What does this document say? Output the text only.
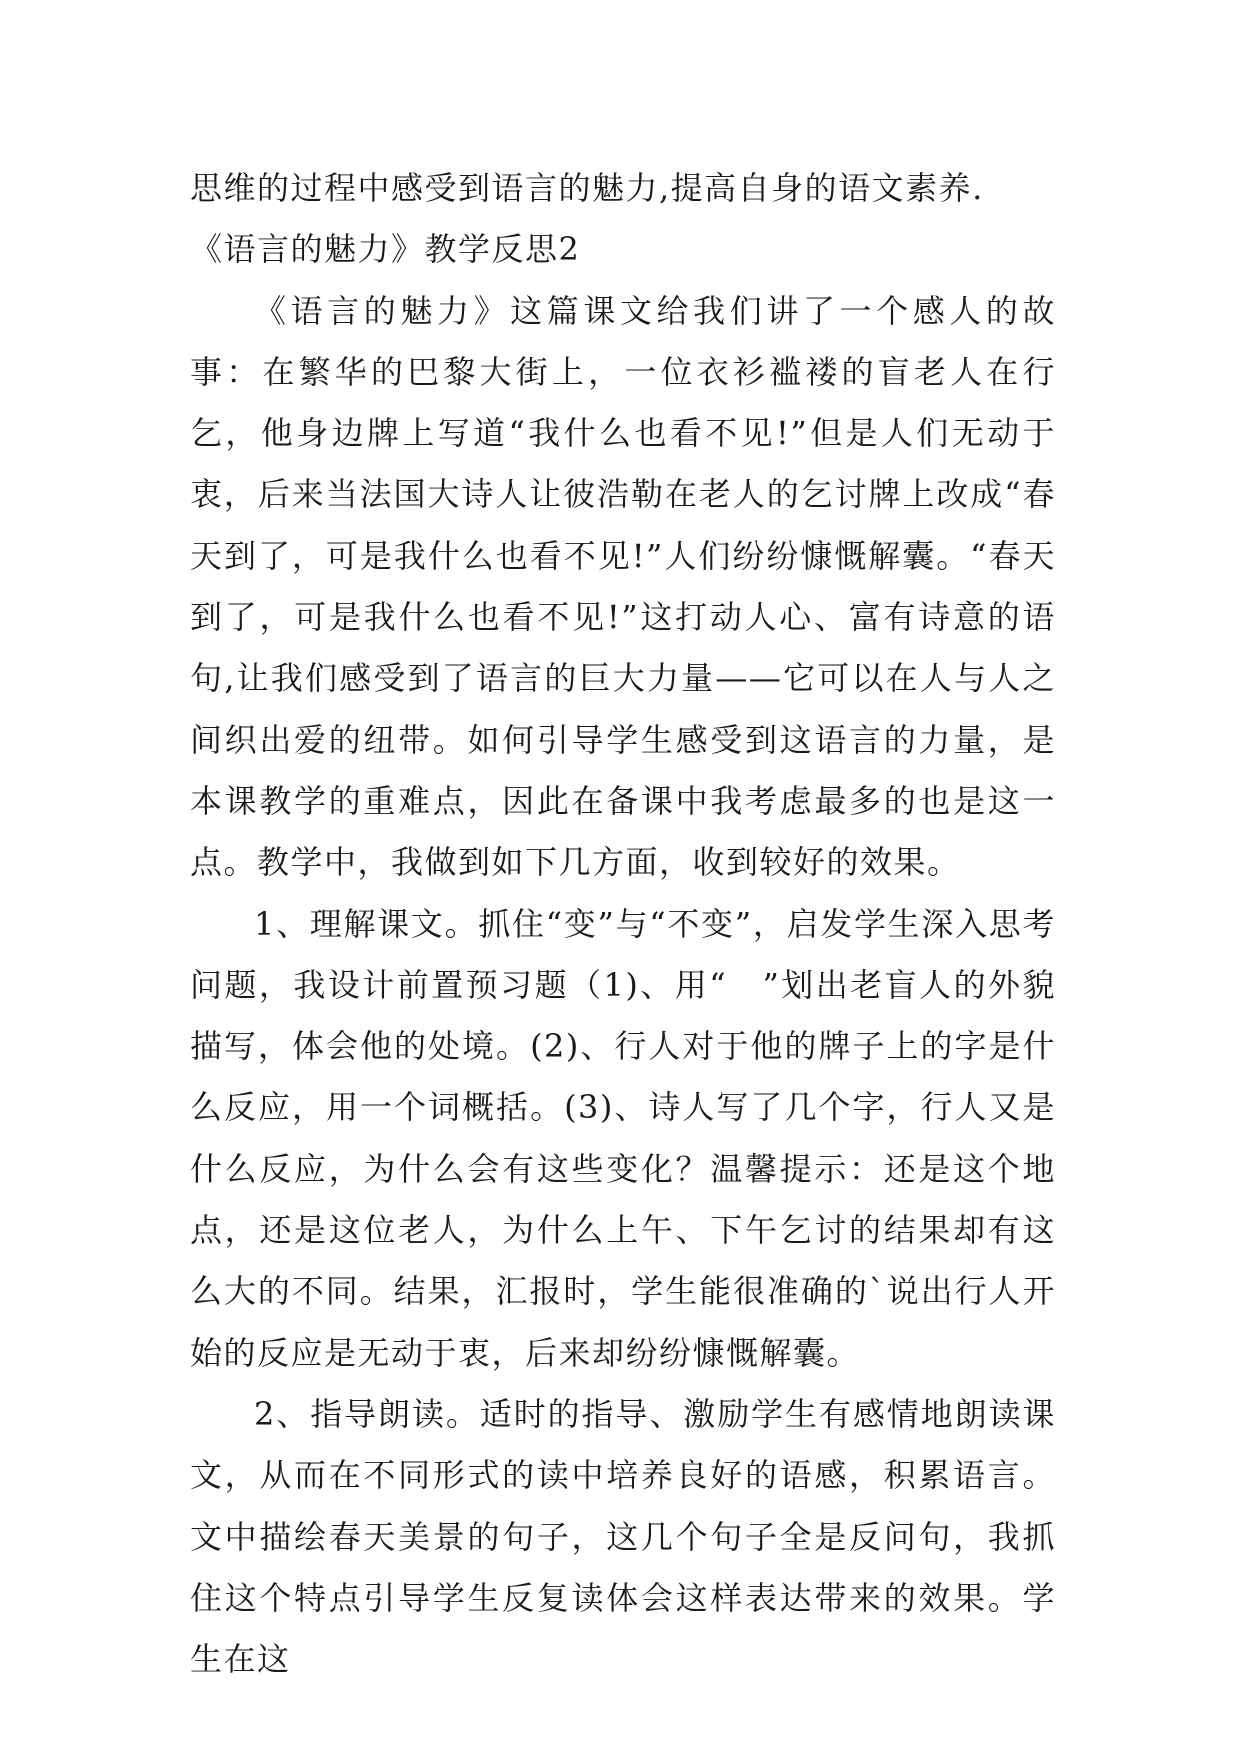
思维的过程中感受到语言的魅力,提高自身的语文素养.

《语言的魅力》教学反思2

《语言的魅力》这篇课文给我们讲了一个感人的故事：在繁华的巴黎大街上，一位衣衫褴褛的盲老人在行乞，他身边牌上写道“我什么也看不见!”但是人们无动于衷，后来当法国大诗人让彼浩勒在老人的乞讨牌上改成“春天到了，可是我什么也看不见!”人们纷纷慷慨解囊。“春天到了，可是我什么也看不见!”这打动人心、富有诗意的语句,让我们感受到了语言的巨大力量——它可以在人与人之间织出爱的纽带。如何引导学生感受到这语言的力量，是本课教学的重难点，因此在备课中我考虑最多的也是这一点。教学中，我做到如下几方面，收到较好的效果。

1、理解课文。抓住“变”与“不变”，启发学生深入思考问题，我设计前置预习题（1)、用“　”划出老盲人的外貌描写，体会他的处境。(2)、行人对于他的牌子上的字是什么反应，用一个词概括。(3)、诗人写了几个字，行人又是什么反应，为什么会有这些变化？温馨提示：还是这个地点，还是这位老人，为什么上午、下午乞讨的结果却有这么大的不同。结果，汇报时，学生能很准确的`说出行人开始的反应是无动于衷，后来却纷纷慷慨解囊。

2、指导朗读。适时的指导、激励学生有感情地朗读课文，从而在不同形式的读中培养良好的语感，积累语言。文中描绘春天美景的句子，这几个句子全是反问句，我抓住这个特点引导学生反复读体会这样表达带来的效果。学生在这
